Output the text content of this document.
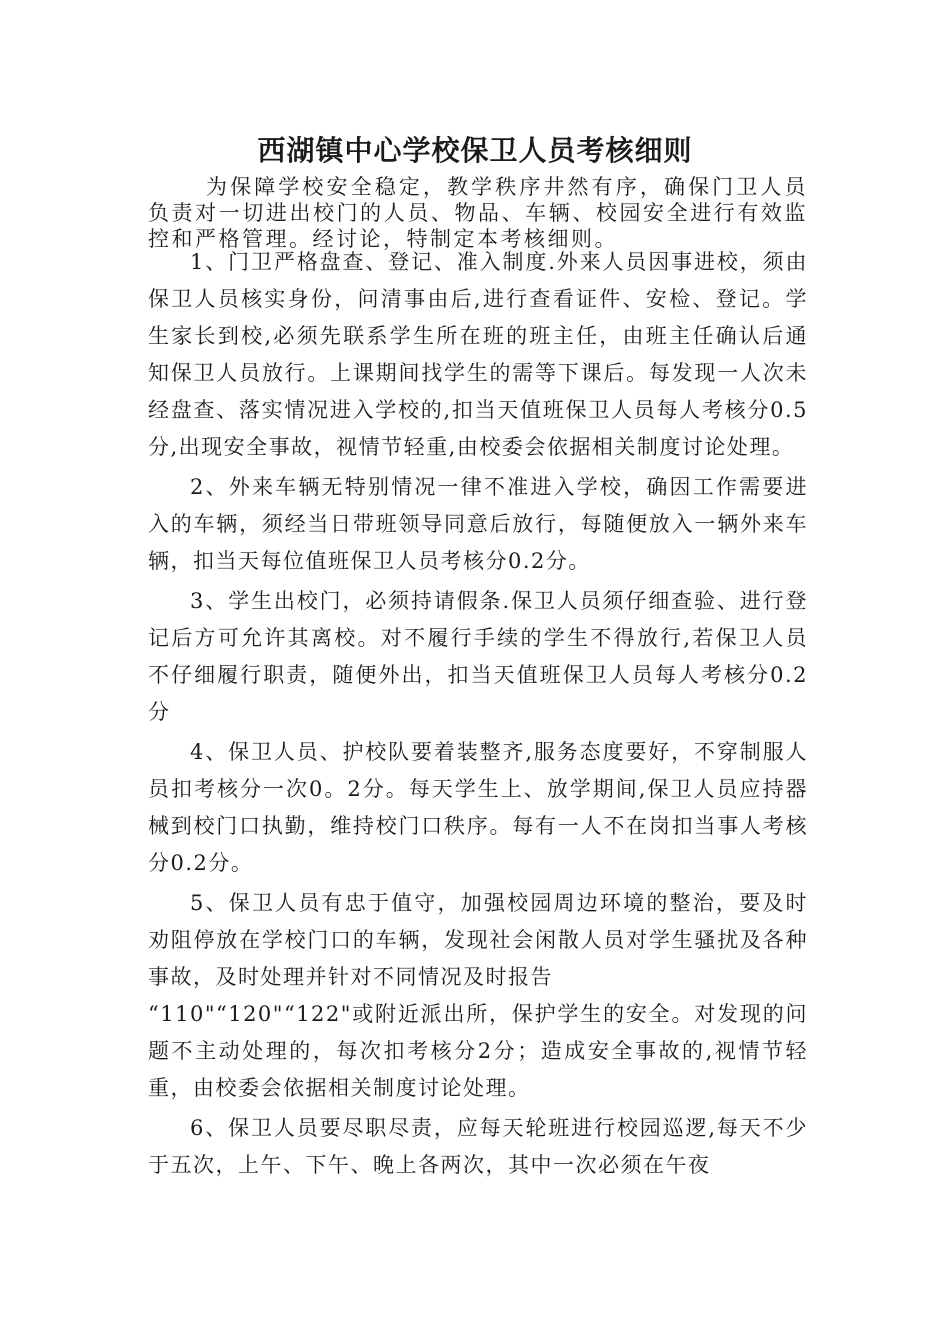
西湖镇中心学校保卫人员考核细则

为保障学校安全稳定，教学秩序井然有序，确保门卫人员负责对一切进出校门的人员、物品、车辆、校园安全进行有效监控和严格管理。经讨论，特制定本考核细则。

1、门卫严格盘查、登记、准入制度.外来人员因事进校，须由保卫人员核实身份，问清事由后,进行查看证件、安检、登记。学生家长到校,必须先联系学生所在班的班主任，由班主任确认后通知保卫人员放行。上课期间找学生的需等下课后。每发现一人次未经盘查、落实情况进入学校的,扣当天值班保卫人员每人考核分0.5分,出现安全事故，视情节轻重,由校委会依据相关制度讨论处理。

2、外来车辆无特别情况一律不准进入学校，确因工作需要进入的车辆，须经当日带班领导同意后放行，每随便放入一辆外来车辆，扣当天每位值班保卫人员考核分0.2分。

3、学生出校门，必须持请假条.保卫人员须仔细查验、进行登记后方可允许其离校。对不履行手续的学生不得放行,若保卫人员不仔细履行职责，随便外出，扣当天值班保卫人员每人考核分0.2分

4、保卫人员、护校队要着装整齐,服务态度要好，不穿制服人员扣考核分一次0。2分。每天学生上、放学期间,保卫人员应持器械到校门口执勤，维持校门口秩序。每有一人不在岗扣当事人考核分0.2分。

5、保卫人员有忠于值守，加强校园周边环境的整治，要及时劝阻停放在学校门口的车辆，发现社会闲散人员对学生骚扰及各种事故，及时处理并针对不同情况及时报告
“110"“120"“122"或附近派出所，保护学生的安全。对发现的问题不主动处理的，每次扣考核分2分；造成安全事故的,视情节轻重，由校委会依据相关制度讨论处理。

6、保卫人员要尽职尽责，应每天轮班进行校园巡逻,每天不少于五次，上午、下午、晚上各两次，其中一次必须在午夜
